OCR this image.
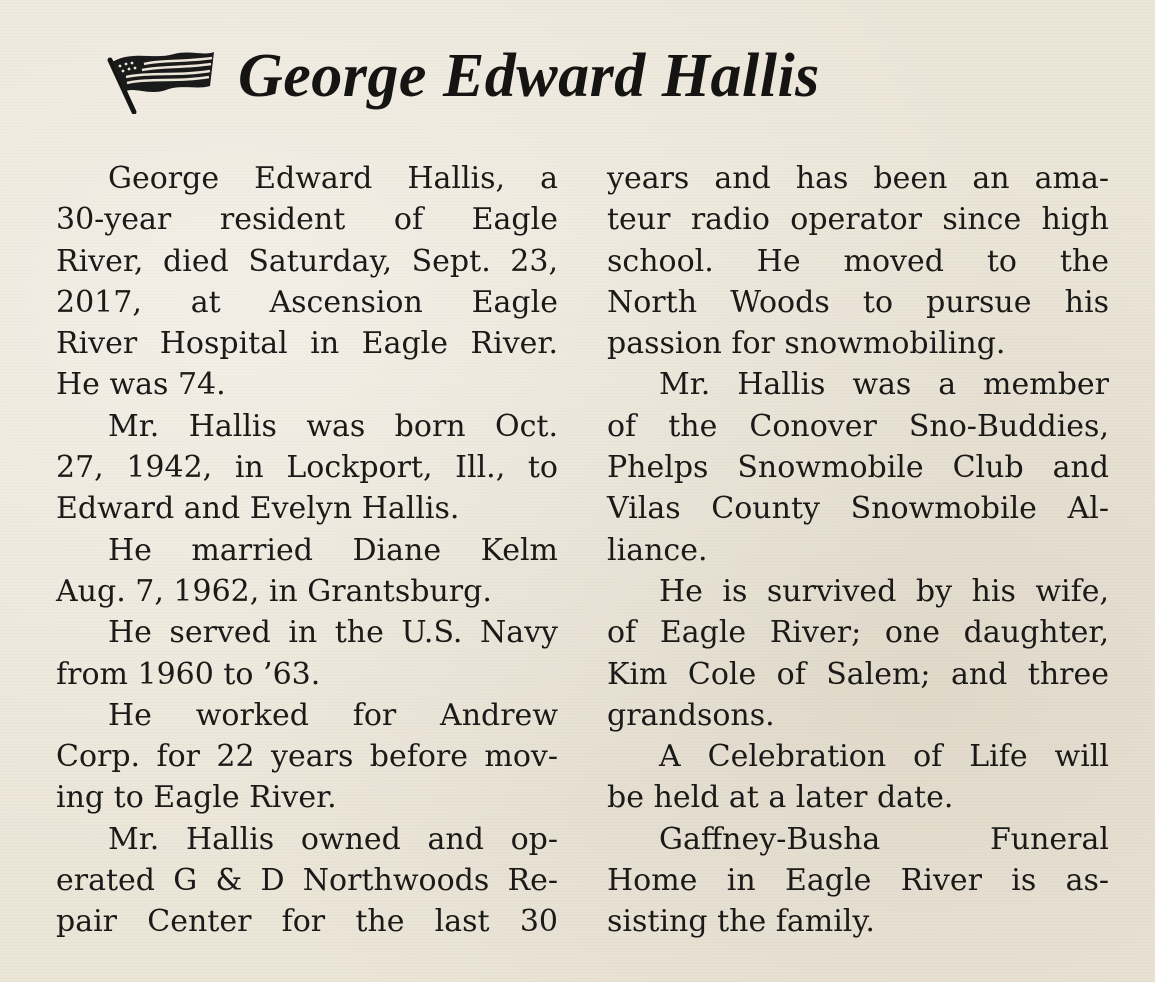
George Edward Hallis
George Edward Hallis, a
30-year resident of Eagle
River, died Saturday, Sept. 23,
2017, at Ascension Eagle
River Hospital in Eagle River.
He was 74.
Mr. Hallis was born Oct.
27, 1942, in Lockport, Ill., to
Edward and Evelyn Hallis.
He married Diane Kelm
Aug. 7, 1962, in Grantsburg.
He served in the U.S. Navy
from 1960 to ’63.
He worked for Andrew
Corp. for 22 years before mov-
ing to Eagle River.
Mr. Hallis owned and op-
erated G & D Northwoods Re-
pair Center for the last 30
years and has been an ama-
teur radio operator since high
school. He moved to the
North Woods to pursue his
passion for snowmobiling.
Mr. Hallis was a member
of the Conover Sno-Buddies,
Phelps Snowmobile Club and
Vilas County Snowmobile Al-
liance.
He is survived by his wife,
of Eagle River; one daughter,
Kim Cole of Salem; and three
grandsons.
A Celebration of Life will
be held at a later date.
Gaffney-Busha Funeral
Home in Eagle River is as-
sisting the family.
